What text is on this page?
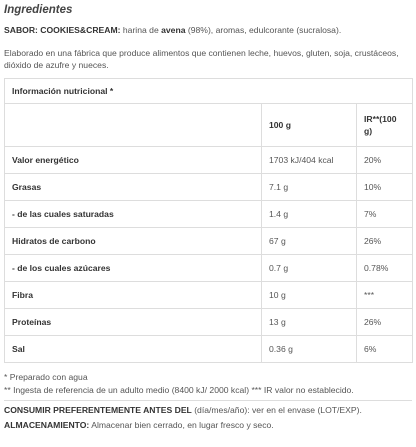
Ingredientes
SABOR: COOKIES&CREAM: harina de avena (98%), aromas, edulcorante (sucralosa).
Elaborado en una fábrica que produce alimentos que contienen leche, huevos, gluten, soja, crustáceos, dióxido de azufre y nueces.
Información nutricional *		
	100 g	IR**(100 g)
Valor energético	1703 kJ/404 kcal	20%
Grasas	7.1 g	10%
- de las cuales saturadas	1.4 g	7%
Hidratos de carbono	67 g	26%
- de los cuales azúcares	0.7 g	0.78%
Fibra	10 g	***
Proteínas	13 g	26%
Sal	0.36 g	6%
* Preparado con agua
** Ingesta de referencia de un adulto medio (8400 kJ/ 2000 kcal) *** IR valor no establecido.
CONSUMIR PREFERENTEMENTE ANTES DEL (día/mes/año): ver en el envase (LOT/EXP).
ALMACENAMIENTO: Almacenar bien cerrado, en lugar fresco y seco.
